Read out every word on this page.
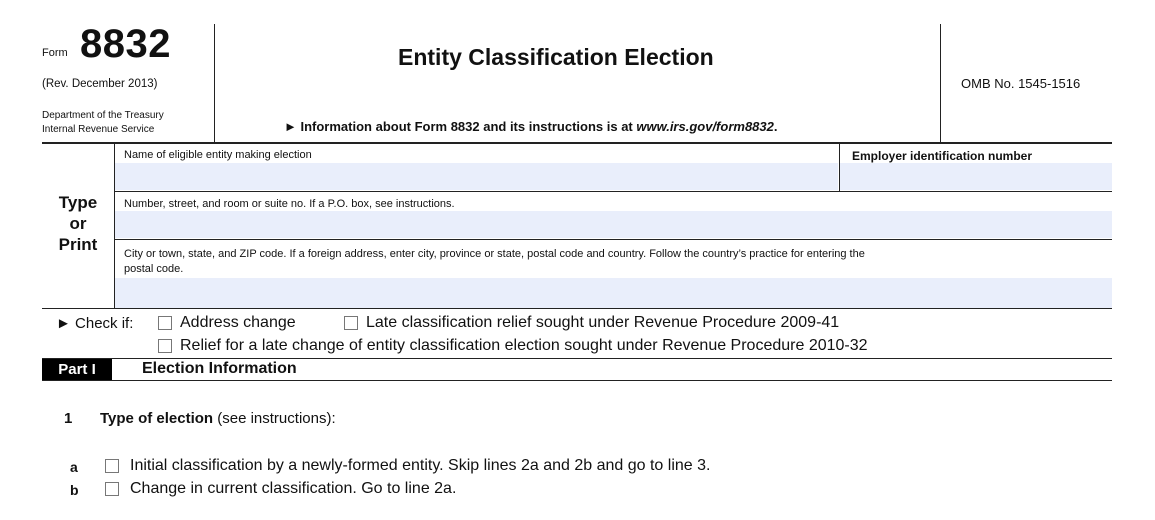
Form 8832
(Rev. December 2013)
Department of the Treasury
Internal Revenue Service
Entity Classification Election
► Information about Form 8832 and its instructions is at www.irs.gov/form8832.
OMB No. 1545-1516
Type
or
Print
Name of eligible entity making election	Employer identification number
Number, street, and room or suite no. If a P.O. box, see instructions.
City or town, state, and ZIP code. If a foreign address, enter city, province or state, postal code and country. Follow the country’s practice for entering the
postal code.
► Check if:	Address change	Late classification relief sought under Revenue Procedure 2009-41
Relief for a late change of entity classification election sought under Revenue Procedure 2010-32
Part I	Election Information
1 Type of election (see instructions):
a	Initial classification by a newly-formed entity. Skip lines 2a and 2b and go to line 3.
b	Change in current classification. Go to line 2a.
